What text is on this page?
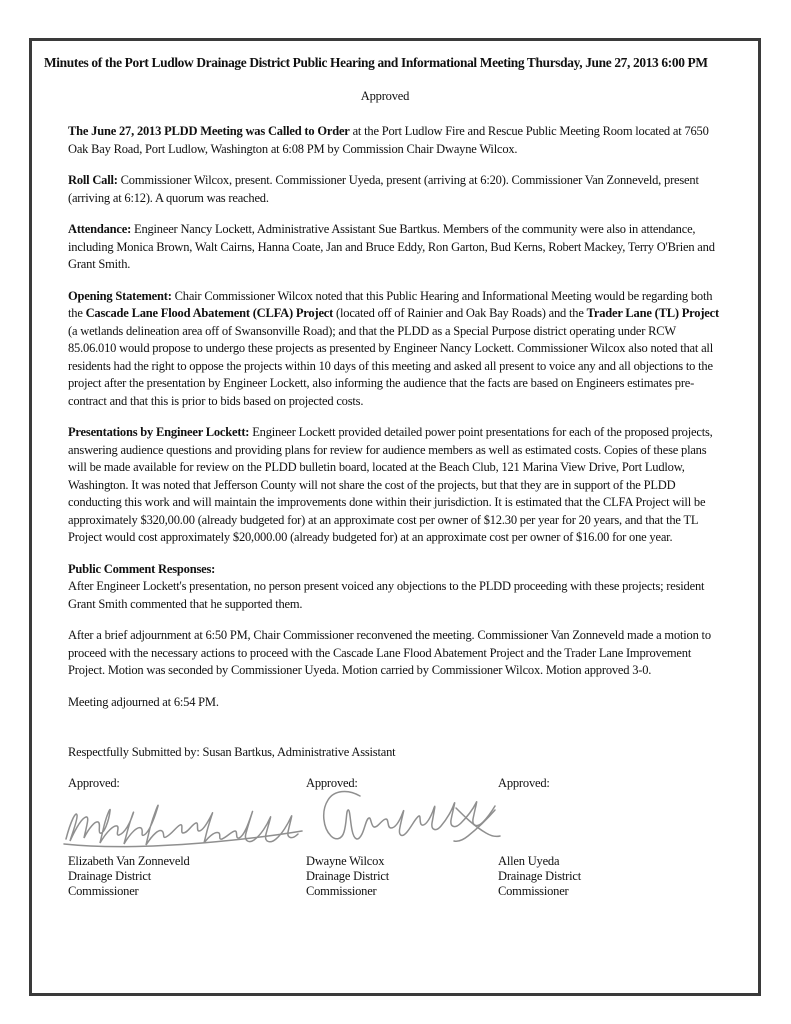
Minutes of the Port Ludlow Drainage District Public Hearing and Informational Meeting Thursday, June 27, 2013 6:00 PM

Approved

The June 27, 2013 PLDD Meeting was Called to Order at the Port Ludlow Fire and Rescue Public Meeting Room located at 7650 Oak Bay Road, Port Ludlow, Washington at 6:08 PM by Commission Chair Dwayne Wilcox.

Roll Call: Commissioner Wilcox, present. Commissioner Uyeda, present (arriving at 6:20). Commissioner Van Zonneveld, present (arriving at 6:12). A quorum was reached.

Attendance: Engineer Nancy Lockett, Administrative Assistant Sue Bartkus. Members of the community were also in attendance, including Monica Brown, Walt Cairns, Hanna Coate, Jan and Bruce Eddy, Ron Garton, Bud Kerns, Robert Mackey, Terry O'Brien and Grant Smith.

Opening Statement: Chair Commissioner Wilcox noted that this Public Hearing and Informational Meeting would be regarding both the Cascade Lane Flood Abatement (CLFA) Project (located off of Rainier and Oak Bay Roads) and the Trader Lane (TL) Project (a wetlands delineation area off of Swansonville Road); and that the PLDD as a Special Purpose district operating under RCW 85.06.010 would propose to undergo these projects as presented by Engineer Nancy Lockett. Commissioner Wilcox also noted that all residents had the right to oppose the projects within 10 days of this meeting and asked all present to voice any and all objections to the project after the presentation by Engineer Lockett, also informing the audience that the facts are based on Engineers estimates pre-contract and that this is prior to bids based on projected costs.

Presentations by Engineer Lockett: Engineer Lockett provided detailed power point presentations for each of the proposed projects, answering audience questions and providing plans for review for audience members as well as estimated costs. Copies of these plans will be made available for review on the PLDD bulletin board, located at the Beach Club, 121 Marina View Drive, Port Ludlow, Washington. It was noted that Jefferson County will not share the cost of the projects, but that they are in support of the PLDD conducting this work and will maintain the improvements done within their jurisdiction. It is estimated that the CLFA Project will be approximately $320,00.00 (already budgeted for) at an approximate cost per owner of $12.30 per year for 20 years, and that the TL Project would cost approximately $20,000.00 (already budgeted for) at an approximate cost per owner of $16.00 for one year.

Public Comment Responses:
After Engineer Lockett's presentation, no person present voiced any objections to the PLDD proceeding with these projects; resident Grant Smith commented that he supported them.

After a brief adjournment at 6:50 PM, Chair Commissioner reconvened the meeting. Commissioner Van Zonneveld made a motion to proceed with the necessary actions to proceed with the Cascade Lane Flood Abatement Project and the Trader Lane Improvement Project. Motion was seconded by Commissioner Uyeda. Motion carried by Commissioner Wilcox. Motion approved 3-0.

Meeting adjourned at 6:54 PM.

Respectfully Submitted by: Susan Bartkus, Administrative Assistant

Approved:

Elizabeth Van Zonneveld

Drainage District

Commissioner

Approved:

Dwayne Wilcox

Drainage District

Commissioner

Approved:

Allen Uyeda

Drainage District

Commissioner
